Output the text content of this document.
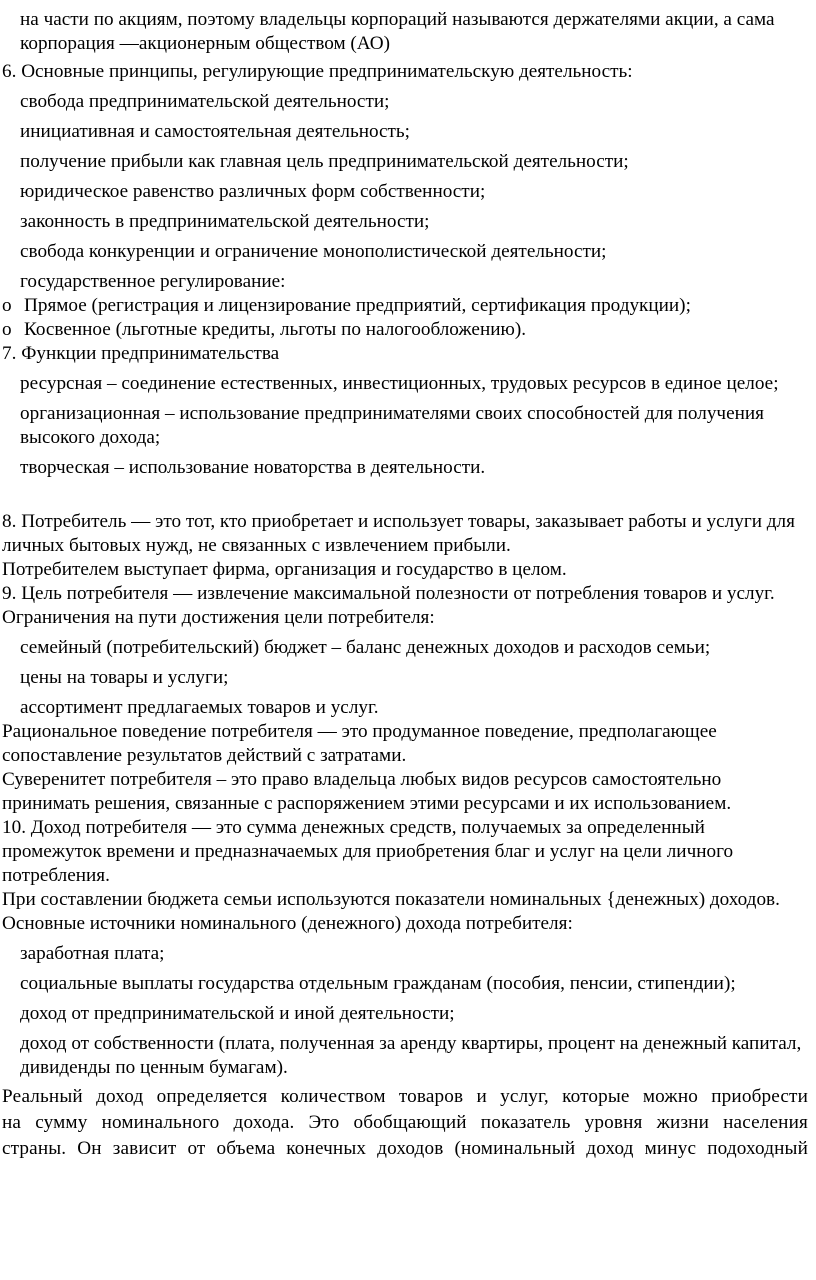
на части по акциям, поэтому владельцы корпораций называются держателями акции, а сама корпорация —акционерным обществом (АО)

6. Основные принципы, регулирующие предпринимательскую деятельность:

свобода предпринимательской деятельности;

инициативная и самостоятельная деятельность;

получение прибыли как главная цель предпринимательской деятельности;

юридическое равенство различных форм собственности;

законность в предпринимательской деятельности;

свобода конкуренции и ограничение монополистической деятельности;

государственное регулирование:

o Прямое (регистрация и лицензирование предприятий, сертификация продукции);

o Косвенное (льготные кредиты, льготы по налогообложению).

7. Функции предпринимательства

ресурсная – соединение естественных, инвестиционных, трудовых ресурсов в единое целое;

организационная – использование предпринимателями своих способностей для получения высокого дохода;

творческая – использование новаторства в деятельности.

8. Потребитель — это тот, кто приобретает и использует товары, заказывает работы и услуги для личных бытовых нужд, не связанных с извлечением прибыли.

Потребителем выступает фирма, организация и государство в целом.

9. Цель потребителя — извлечение максимальной полезности от потребления товаров и услуг.

Ограничения на пути достижения цели потребителя:

семейный (потребительский) бюджет – баланс денежных доходов и расходов семьи;

цены на товары и услуги;

ассортимент предлагаемых товаров и услуг.

Рациональное поведение потребителя — это продуманное поведение, предполагающее сопоставление результатов действий с затратами.

Суверенитет потребителя – это право владельца любых видов ресурсов самостоятельно принимать решения, связанные с распоряжением этими ресурсами и их использованием.

10. Доход потребителя — это сумма денежных средств, получаемых за определенный промежуток времени и предназначаемых для приобретения благ и услуг на цели личного потребления.

При составлении бюджета семьи используются показатели номинальных {денежных) доходов.

Основные источники номинального (денежного) дохода потребителя:

заработная плата;

социальные выплаты государства отдельным гражданам (пособия, пенсии, стипендии);

доход от предпринимательской и иной деятельности;

доход от собственности (плата, полученная за аренду квартиры, процент на денежный капитал, дивиденды по ценным бумагам).

Реальный доход определяется количеством товаров и услуг, которые можно приобрести

на сумму номинального дохода. Это обобщающий показатель уровня жизни населения

страны. Он зависит от объема конечных доходов (номинальный доход минус подоходный
